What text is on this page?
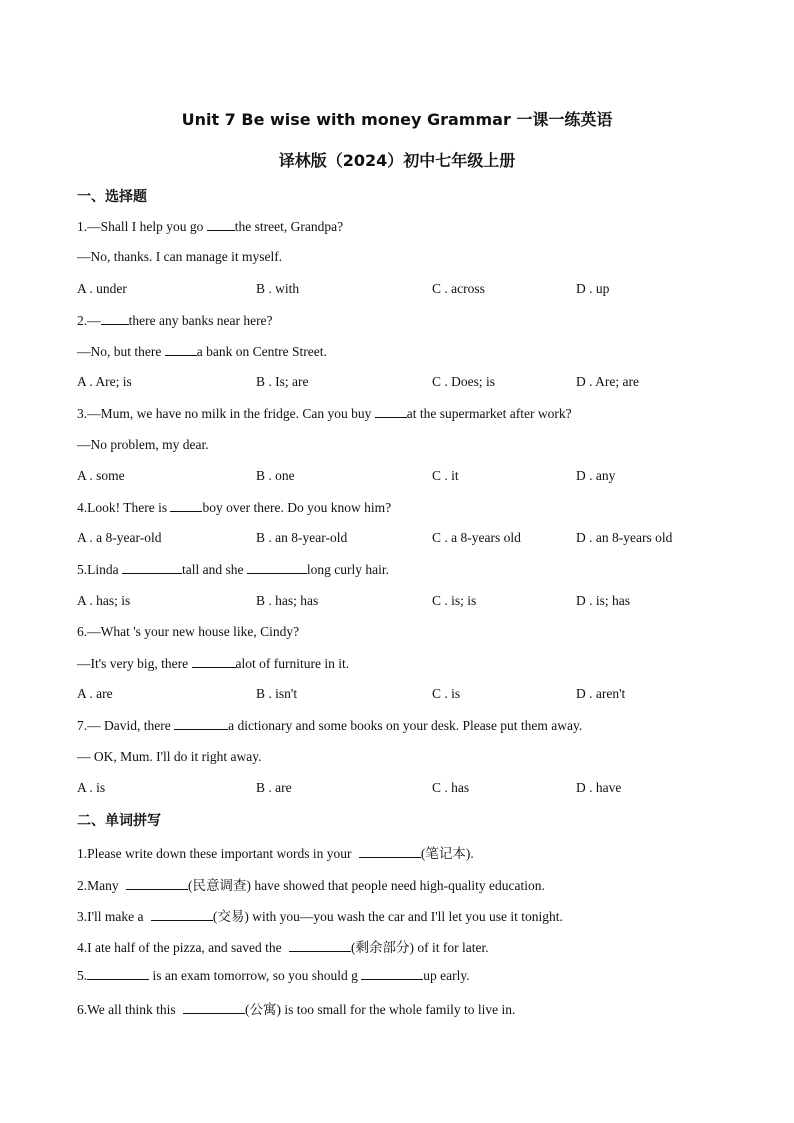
Unit 7 Be wise with money Grammar 一课一练英语
译林版（2024）初中七年级上册
一、选择题
1.—Shall I help you go the street, Grandpa?
—No, thanks. I can manage it myself.
A . under	B . with	C . across	D . up
2.— there any banks near here?
—No, but there a bank on Centre Street.
A . Are; is	B . Is; are	C . Does; is	D . Are; are
3.—Mum, we have no milk in the fridge. Can you buy at the supermarket after work?
—No problem, my dear.
A . some	B . one	C . it	D . any
4.Look! There is boy over there. Do you know him?
A . a 8-year-old	B . an 8-year-old	C . a 8-years old	D . an 8-years old
5.Linda	tall and she	long curly hair.
A . has; is	B . has; has	C . is; is	D . is; has
6.—What 's your new house like, Cindy?
—It's very big, there	alot of furniture in it.
A . are	B . isn't	C . is	D . aren't
7.— David, there	a dictionary and some books on your desk. Please put them away.
— OK, Mum. I'll do it right away.
A . is	B . are	C . has	D . have
二、单词拼写
1.Please write down these important words in your	(笔记本).
2.Many	(民意调查) have showed that people need high-quality education.
3.I'll make a	(交易) with you—you wash the car and I'll let you use it tonight.
4.I ate half of the pizza, and saved the	(剩余部分) of it for later.
5.	is an exam tomorrow, so you should g	up early.
6.We all think this	(公寓) is too small for the whole family to live in.
